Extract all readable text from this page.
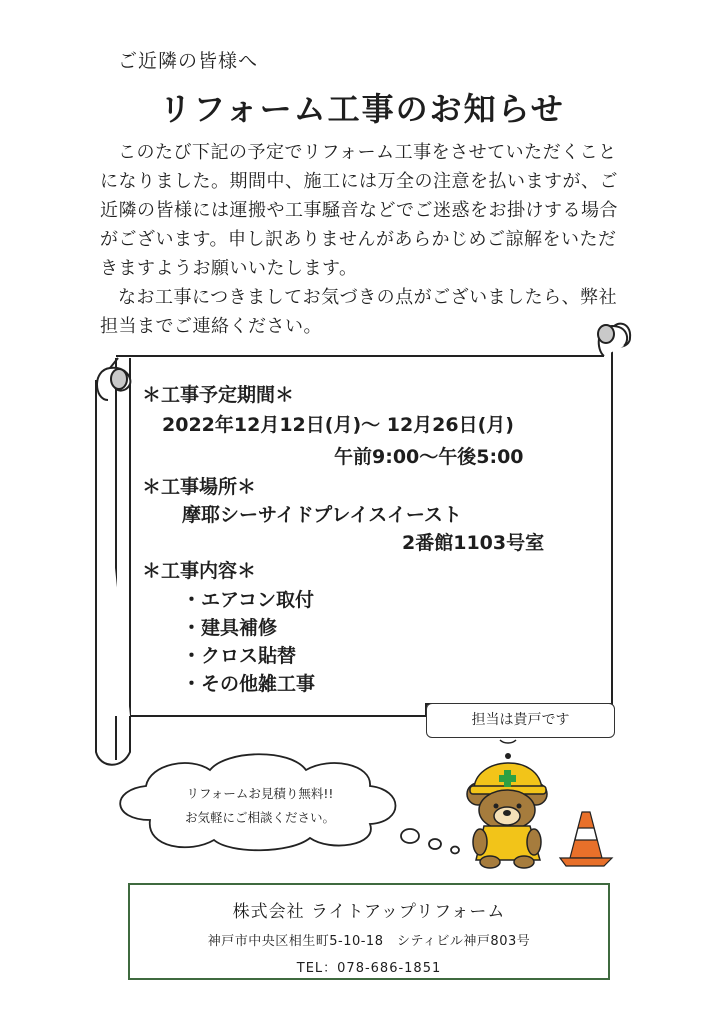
ご近隣の皆様へ
リフォーム工事のお知らせ

このたび下記の予定でリフォーム工事をさせていただくことになりました。期間中、施工には万全の注意を払いますが、ご近隣の皆様には運搬や工事騒音などでご迷惑をお掛けする場合がございます。申し訳ありませんがあらかじめご諒解をいただきますようお願いいたします。

なお工事につきましてお気づきの点がございましたら、弊社担当までご連絡ください。

＊工事予定期間＊
2022年12月12日(月)～ 12月26日(月)
午前9:00～午後5:00
＊工事場所＊
摩耶シーサイドプレイスイースト
2番館1103号室
＊工事内容＊
・エアコン取付
・建具補修
・クロス貼替
・その他雑工事
担当は貴戸です
リフォームお見積り無料!!
お気軽にご相談ください。
株式会社 ライトアップリフォーム
神戸市中央区相生町5-10-18　シティビル神戸803号
TEL：078-686-1851
